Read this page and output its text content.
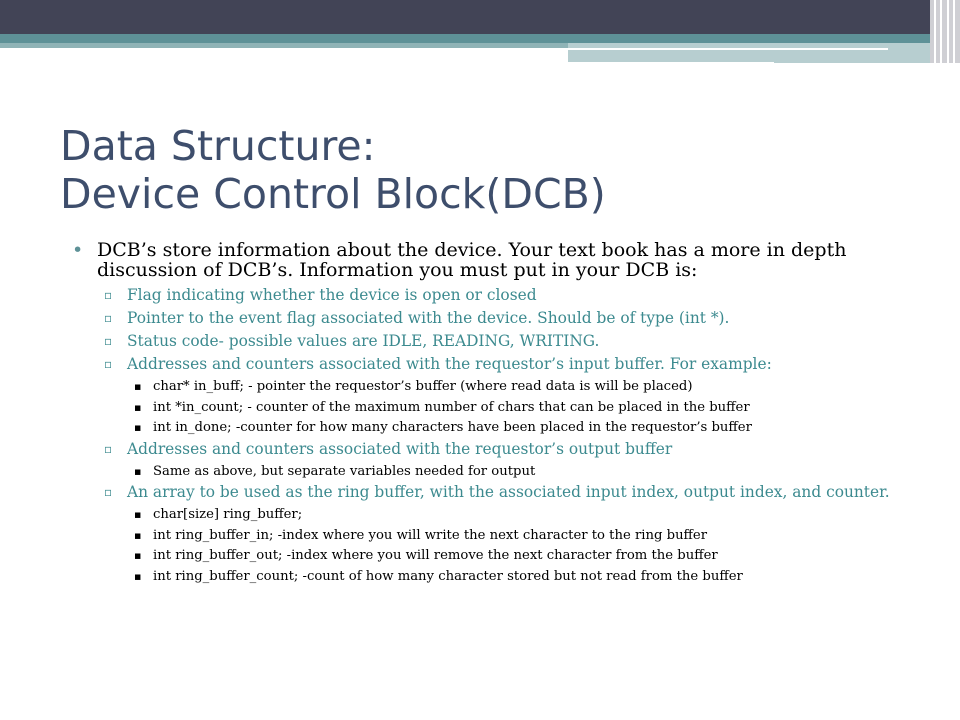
Data Structure:
Device Control Block(DCB)
• DCB’s store information about the device. Your text book has a more in depth discussion of DCB’s. Information you must put in your DCB is:
▫ Flag indicating whether the device is open or closed
▫ Pointer to the event flag associated with the device. Should be of type (int *).
▫ Status code- possible values are IDLE, READING, WRITING.
▫ Addresses and counters associated with the requestor’s input buffer. For example:
▪ char* in_buff; - pointer the requestor’s buffer (where read data is will be placed)
▪ int *in_count; - counter of the maximum number of chars that can be placed in the buffer
▪ int in_done; -counter for how many characters have been placed in the requestor’s buffer
▫ Addresses and counters associated with the requestor’s output buffer
▪ Same as above, but separate variables needed for output
▫ An array to be used as the ring buffer, with the associated input index, output index, and counter.
▪ char[size] ring_buffer;
▪ int ring_buffer_in; -index where you will write the next character to the ring buffer
▪ int ring_buffer_out; -index where you will remove the next character from the buffer
▪ int ring_buffer_count; -count of how many character stored but not read from the buffer
